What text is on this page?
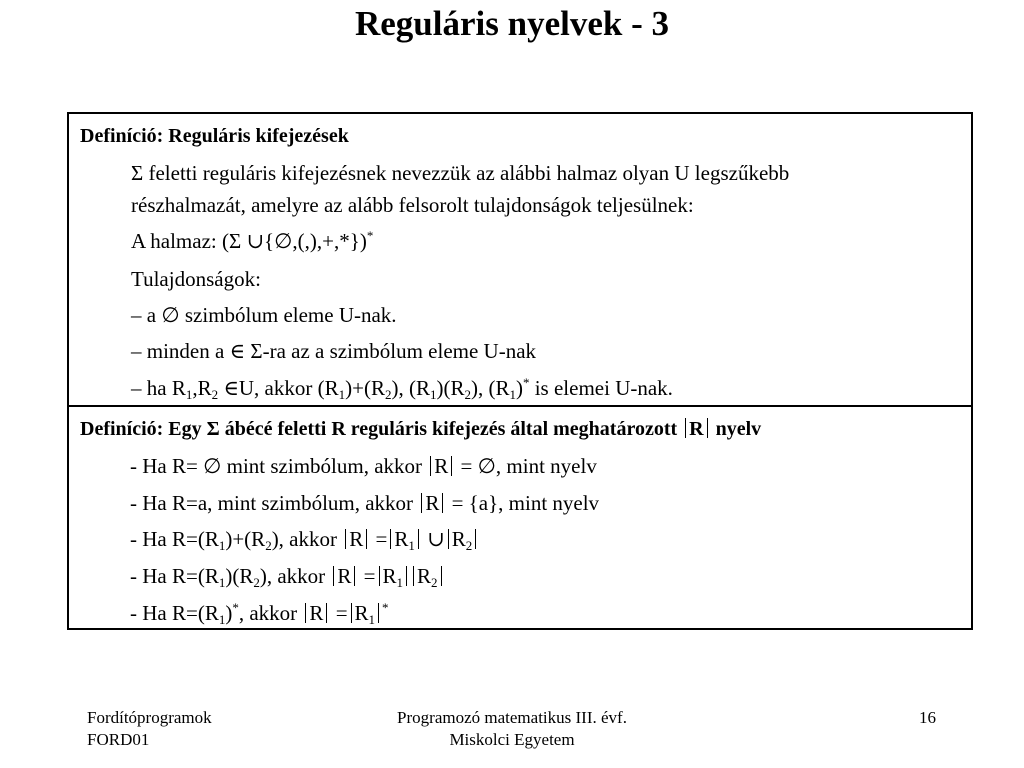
Reguláris nyelvek - 3
Definíció: Reguláris kifejezések
Σ feletti reguláris kifejezésnek nevezzük az alábbi halmaz olyan U legszűkebb
részhalmazát, amelyre az alább felsorolt tulajdonságok teljesülnek:
A halmaz: (Σ ∪{∅,(,),+,*})*
Tulajdonságok:
– a ∅ szimbólum eleme U-nak.
– minden a ∈ Σ-ra az a szimbólum eleme U-nak
– ha $R_1,R_2$ ∈U, akkor $(R_1)+(R_2)$, $(R_1)(R_2)$, $(R_1)^*$ is elemei U-nak.
Definíció: Egy Σ ábécé feletti R reguláris kifejezés által meghatározott R nyelv
- Ha R= ∅ mint szimbólum, akkor R = ∅, mint nyelv
- Ha R=a, mint szimbólum, akkor R = {a}, mint nyelv
- Ha $R=(R_1)+(R_2)$, akkor $R = R_1$ ∪ $R_2$
- Ha $R=(R_1)(R_2)$, akkor $R = R_1$ $R_2$
- Ha $R=(R_1)^*$, akkor $R = R_1^*$
Fordítóprogramok
FORD01
Programozó matematikus III. évf.
Miskolci Egyetem
16
